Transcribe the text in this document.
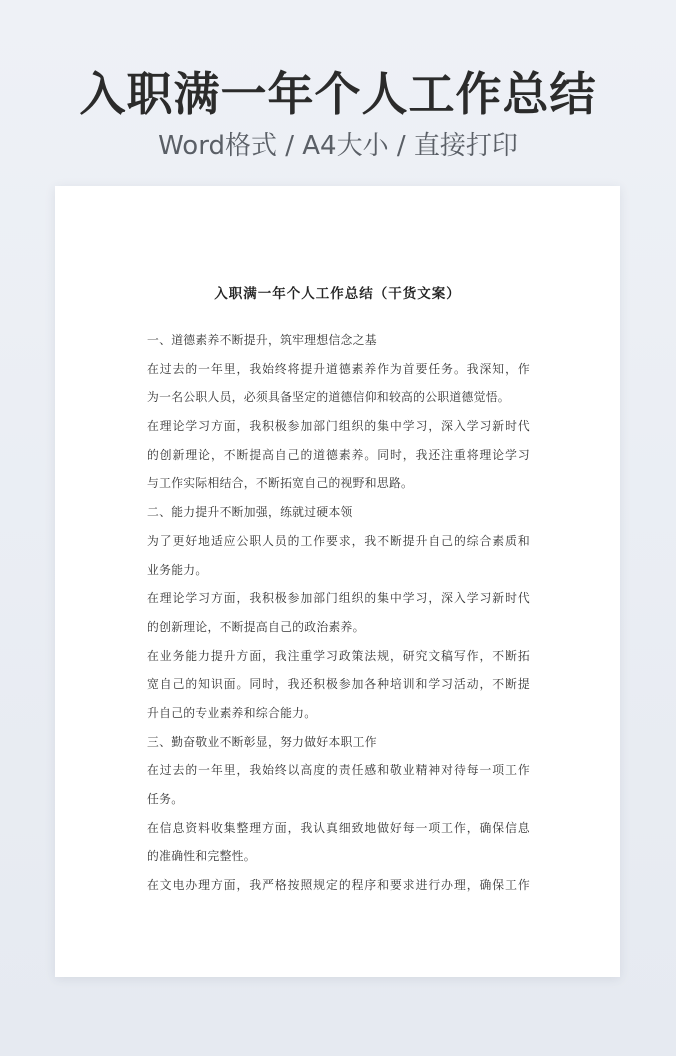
入职满一年个人工作总结

Word格式 / A4大小 / 直接打印

入职满一年个人工作总结（干货文案）
一、道德素养不断提升，筑牢理想信念之基
在过去的一年里，我始终将提升道德素养作为首要任务。我深知，作
为一名公职人员，必须具备坚定的道德信仰和较高的公职道德觉悟。
在理论学习方面，我积极参加部门组织的集中学习，深入学习新时代
的创新理论，不断提高自己的道德素养。同时，我还注重将理论学习
与工作实际相结合，不断拓宽自己的视野和思路。
二、能力提升不断加强，练就过硬本领
为了更好地适应公职人员的工作要求，我不断提升自己的综合素质和
业务能力。
在理论学习方面，我积极参加部门组织的集中学习，深入学习新时代
的创新理论，不断提高自己的政治素养。
在业务能力提升方面，我注重学习政策法规，研究文稿写作，不断拓
宽自己的知识面。同时，我还积极参加各种培训和学习活动，不断提
升自己的专业素养和综合能力。
三、勤奋敬业不断彰显，努力做好本职工作
在过去的一年里，我始终以高度的责任感和敬业精神对待每一项工作
任务。
在信息资料收集整理方面，我认真细致地做好每一项工作，确保信息
的准确性和完整性。
在文电办理方面，我严格按照规定的程序和要求进行办理，确保工作
